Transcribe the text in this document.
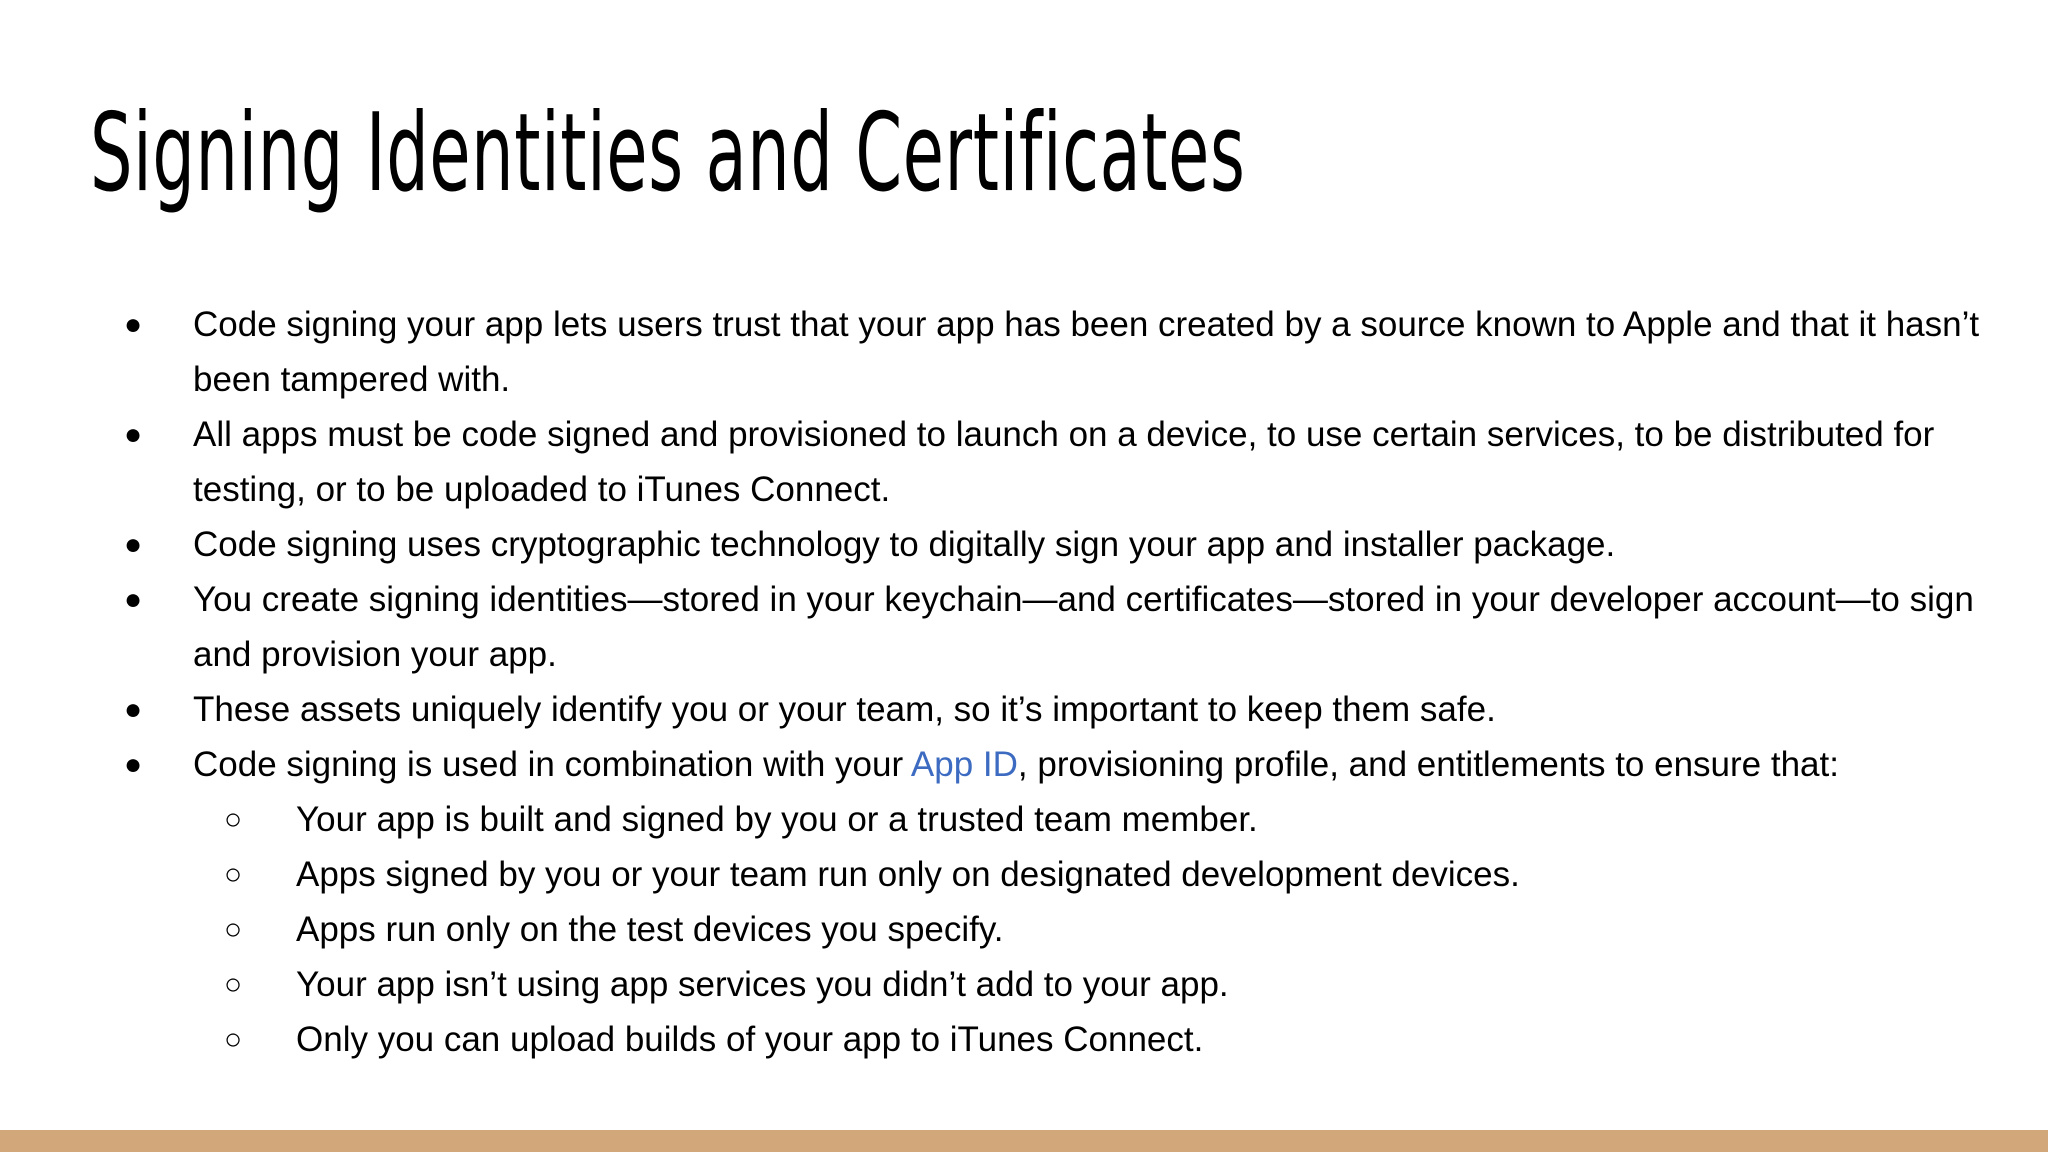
Signing Identities and Certificates
● Code signing your app lets users trust that your app has been created by a source known to Apple and that it hasn’t been tampered with.
● All apps must be code signed and provisioned to launch on a device, to use certain services, to be distributed for testing, or to be uploaded to iTunes Connect.
● Code signing uses cryptographic technology to digitally sign your app and installer package.
● You create signing identities—stored in your keychain—and certificates—stored in your developer account—to sign and provision your app.
● These assets uniquely identify you or your team, so it’s important to keep them safe.
● Code signing is used in combination with your App ID, provisioning profile, and entitlements to ensure that:
○ Your app is built and signed by you or a trusted team member.
○ Apps signed by you or your team run only on designated development devices.
○ Apps run only on the test devices you specify.
○ Your app isn’t using app services you didn’t add to your app.
○ Only you can upload builds of your app to iTunes Connect.
